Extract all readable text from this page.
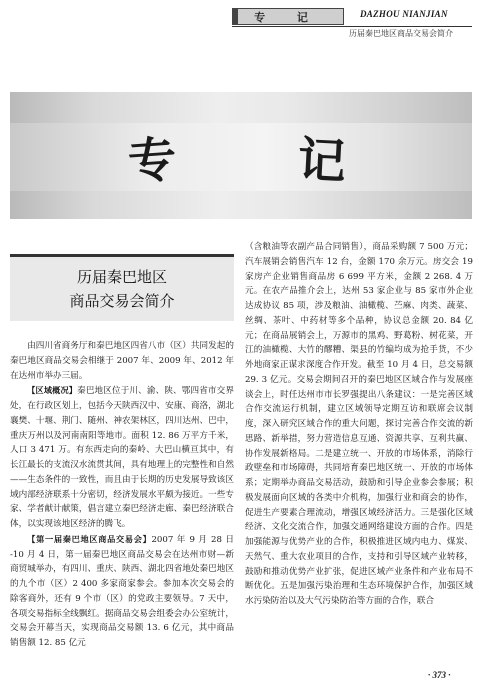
专 记	DAZHOU NIANJIAN
历届秦巴地区商品交易会简介
专 记
历届秦巴地区
商品交易会简介

由四川省商务厅和秦巴地区四省八市（区）共同发起的秦巴地区商品交易会相继于 2007 年、2009 年、2012 年在达州市举办三届。

【区域概况】秦巴地区位于川、渝、陕、鄂四省市交界处，在行政区划上，包括今天陕西汉中、安康、商洛，湖北襄樊、十堰、荆门、随州、神农架林区，四川达州、巴中，重庆万州以及河南南阳等地市。面积 12. 86 万平方千米，人口 3 471 万。有东西走向的秦岭、大巴山横亘其中，有长江最长的支流汉水流贯其间，具有地理上的完整性和自然——生态条件的一致性，而且由于长期的历史发展导致该区域内部经济联系十分密切，经济发展水平颇为接近。一些专家、学者献计献策，倡言建立秦巴经济走廊、秦巴经济联合体，以实现该地区经济的腾飞。

【第一届秦巴地区商品交易会】2007 年 9 月 28 日 -10 月 4 日，第一届秦巴地区商品交易会在达州市财—新商贸城举办，有四川、重庆、陕西、湖北四省地处秦巴地区的九个市（区）2 400 多家商家参会。参加本次交易会的除客商外，还有 9 个市（区）的党政主要领导。7 天中，各项交易指标全线飘红。据商品交易会组委会办公室统计，交易会开幕当天，实现商品交易额 13. 6 亿元，其中商品销售额 12. 85 亿元

（含粮油等农副产品合同销售），商品采购额 7 500 万元；汽车展销会销售汽车 12 台，金额 170 余万元。房交会 19 家房产企业销售商品房 6 699 平方米，金额 2 268. 4 万元。在农产品推介会上，达州 53 家企业与 85 家市外企业达成协议 85 项，涉及粮油、油橄榄、苎麻、肉类、蔬菜、丝绸、茶叶、中药材等多个品种，协议总金额 20. 84 亿元；在商品展销会上，万源市的黑鸡、野葛粉、树花菜，开江的油橄榄、大竹的醪糟、渠县的竹编均成为抢手货，不少外地商家正谋求深度合作开发。截至 10 月 4 日，总交易额 29. 3 亿元。交易会期间召开的秦巴地区区域合作与发展座谈会上，时任达州市市长罗强提出八条建议：一是完善区域合作交流运行机制，建立区域领导定期互访和联席会议制度，深入研究区域合作的重大问题，探讨完善合作交流的新思路、新举措，努力营造信息互通、资源共享、互利共赢、协作发展新格局。二是建立统一、开放的市场体系，消除行政壁垒和市场障碍，共同培育秦巴地区统一、开放的市场体系；定期举办商品交易活动，鼓励和引导企业参会参展；积极发展面向区域的各类中介机构，加强行业和商会的协作，促进生产要素合理流动，增强区域经济活力。三是强化区域经济、文化交流合作，加强交通网络建设方面的合作。四是加强能源与优势产业的合作，积极推进区域内电力、煤炭、天然气、重大农业项目的合作，支持和引导区域产业转移，鼓励和推动优势产业扩张，促进区域产业条件和产业布局不断优化。五是加强污染治理和生态环境保护合作，加强区域水污染防治以及大气污染防治等方面的合作，联合

· 373 ·
